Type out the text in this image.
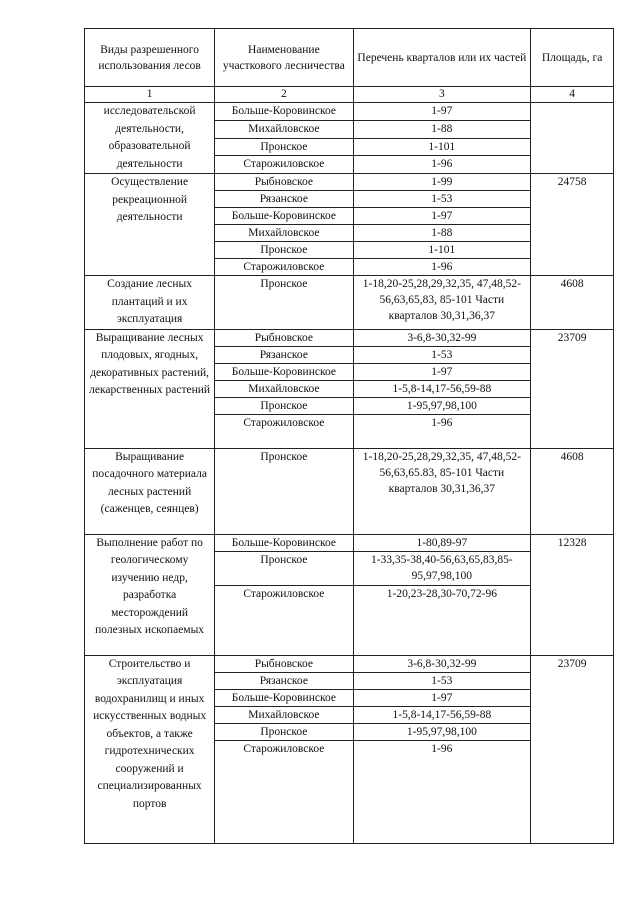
Виды разрешенного использования лесов	Наименование участкового лесничества	Перечень кварталов или их частей	Площадь, га
1	2	3	4
исследовательской деятельности, образовательной деятельности	Больше-Коровинское	1-97	
	Михайловское	1-88	
	Пронское	1-101	
	Старожиловское	1-96	
Осуществление рекреационной деятельности	Рыбновское	1-99	24758
	Рязанское	1-53	
	Больше-Коровинское	1-97	
	Михайловское	1-88	
	Пронское	1-101	
	Старожиловское	1-96	
Создание лесных плантаций и их эксплуатация	Пронское	1-18,20-25,28,29,32,35, 47,48,52-56,63,65,83, 85-101 Части кварталов 30,31,36,37	4608
Выращивание лесных плодовых, ягодных, декоративных растений, лекарственных растений	Рыбновское	3-6,8-30,32-99	23709
	Рязанское	1-53	
	Больше-Коровинское	1-97	
	Михайловское	1-5,8-14,17-56,59-88	
	Пронское	1-95,97,98,100	
	Старожиловское	1-96	
Выращивание посадочного материала лесных растений (саженцев, сеянцев)	Пронское	1-18,20-25,28,29,32,35, 47,48,52-56,63,65.83, 85-101 Части кварталов 30,31,36,37	4608
Выполнение работ по геологическому изучению недр, разработка месторождений полезных ископаемых	Больше-Коровинское	1-80,89-97	12328
	Пронское	1-33,35-38,40-56,63,65,83,85-95,97,98,100	
	Старожиловское	1-20,23-28,30-70,72-96	
Строительство и эксплуатация водохранилищ и иных искусственных водных объектов, а также гидротехнических сооружений и специализированных портов	Рыбновское	3-6,8-30,32-99	23709
	Рязанское	1-53	
	Больше-Коровинское	1-97	
	Михайловское	1-5,8-14,17-56,59-88	
	Пронское	1-95,97,98,100	
	Старожиловское	1-96	
